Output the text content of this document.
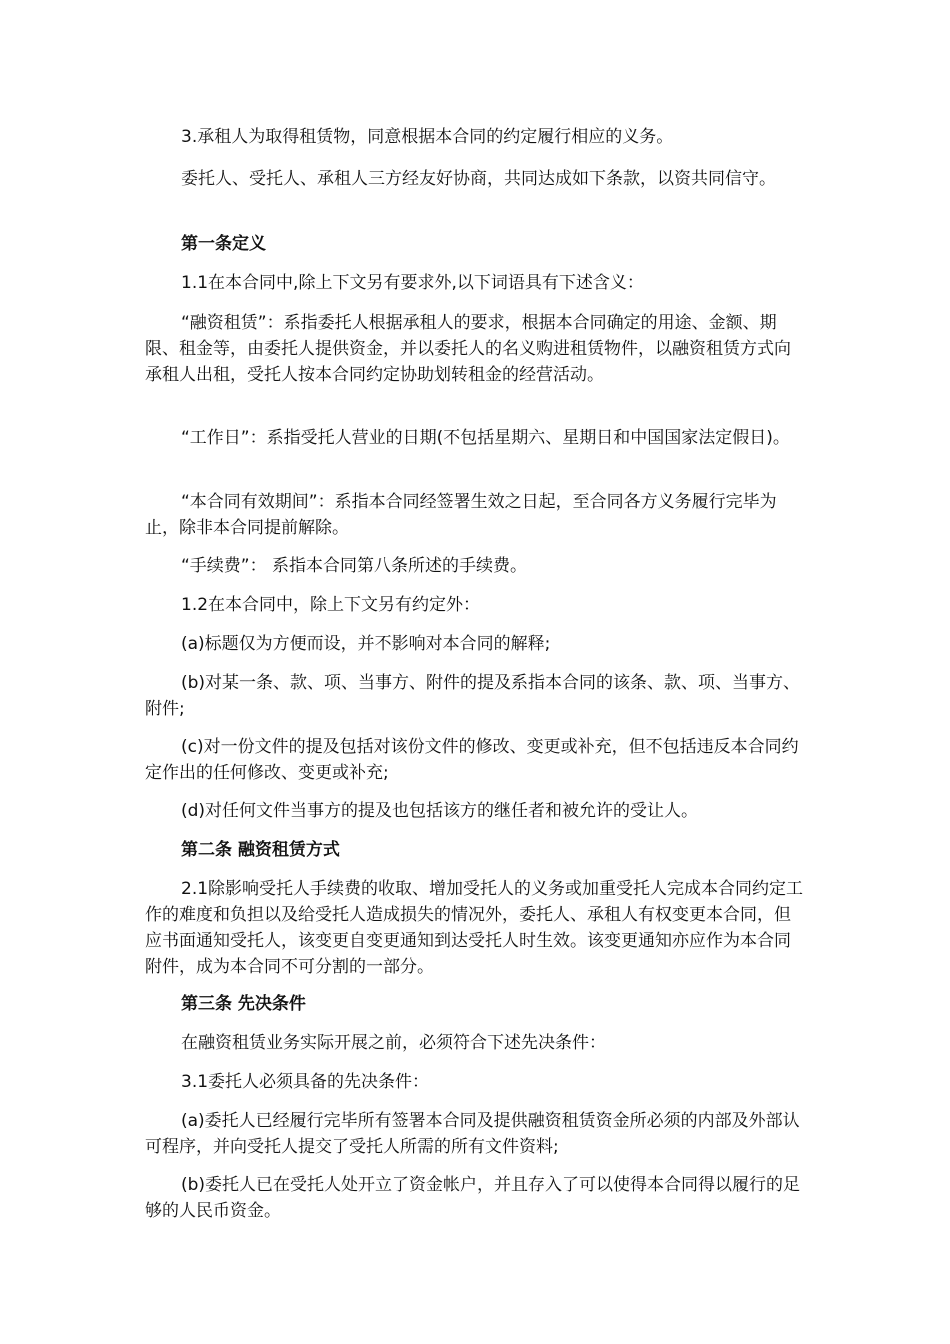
3.承租人为取得租赁物，同意根据本合同的约定履行相应的义务。

委托人、受托人、承租人三方经友好协商，共同达成如下条款，以资共同信守。

第一条定义

1.1在本合同中,除上下文另有要求外,以下词语具有下述含义：

“融资租赁”：系指委托人根据承租人的要求，根据本合同确定的用途、金额、期限、租金等，由委托人提供资金，并以委托人的名义购进租赁物件，以融资租赁方式向承租人出租，受托人按本合同约定协助划转租金的经营活动。

“工作日”：系指受托人营业的日期(不包括星期六、星期日和中国国家法定假日)。

“本合同有效期间”：系指本合同经签署生效之日起，至合同各方义务履行完毕为止，除非本合同提前解除。

“手续费”： 系指本合同第八条所述的手续费。

1.2在本合同中，除上下文另有约定外：

(a)标题仅为方便而设，并不影响对本合同的解释;

(b)对某一条、款、项、当事方、附件的提及系指本合同的该条、款、项、当事方、附件;

(c)对一份文件的提及包括对该份文件的修改、变更或补充，但不包括违反本合同约定作出的任何修改、变更或补充;

(d)对任何文件当事方的提及也包括该方的继任者和被允许的受让人。

第二条 融资租赁方式

2.1除影响受托人手续费的收取、增加受托人的义务或加重受托人完成本合同约定工作的难度和负担以及给受托人造成损失的情况外，委托人、承租人有权变更本合同，但应书面通知受托人，该变更自变更通知到达受托人时生效。该变更通知亦应作为本合同附件，成为本合同不可分割的一部分。

第三条 先决条件

在融资租赁业务实际开展之前，必须符合下述先决条件：

3.1委托人必须具备的先决条件：

(a)委托人已经履行完毕所有签署本合同及提供融资租赁资金所必须的内部及外部认可程序，并向受托人提交了受托人所需的所有文件资料;

(b)委托人已在受托人处开立了资金帐户，并且存入了可以使得本合同得以履行的足够的人民币资金。
